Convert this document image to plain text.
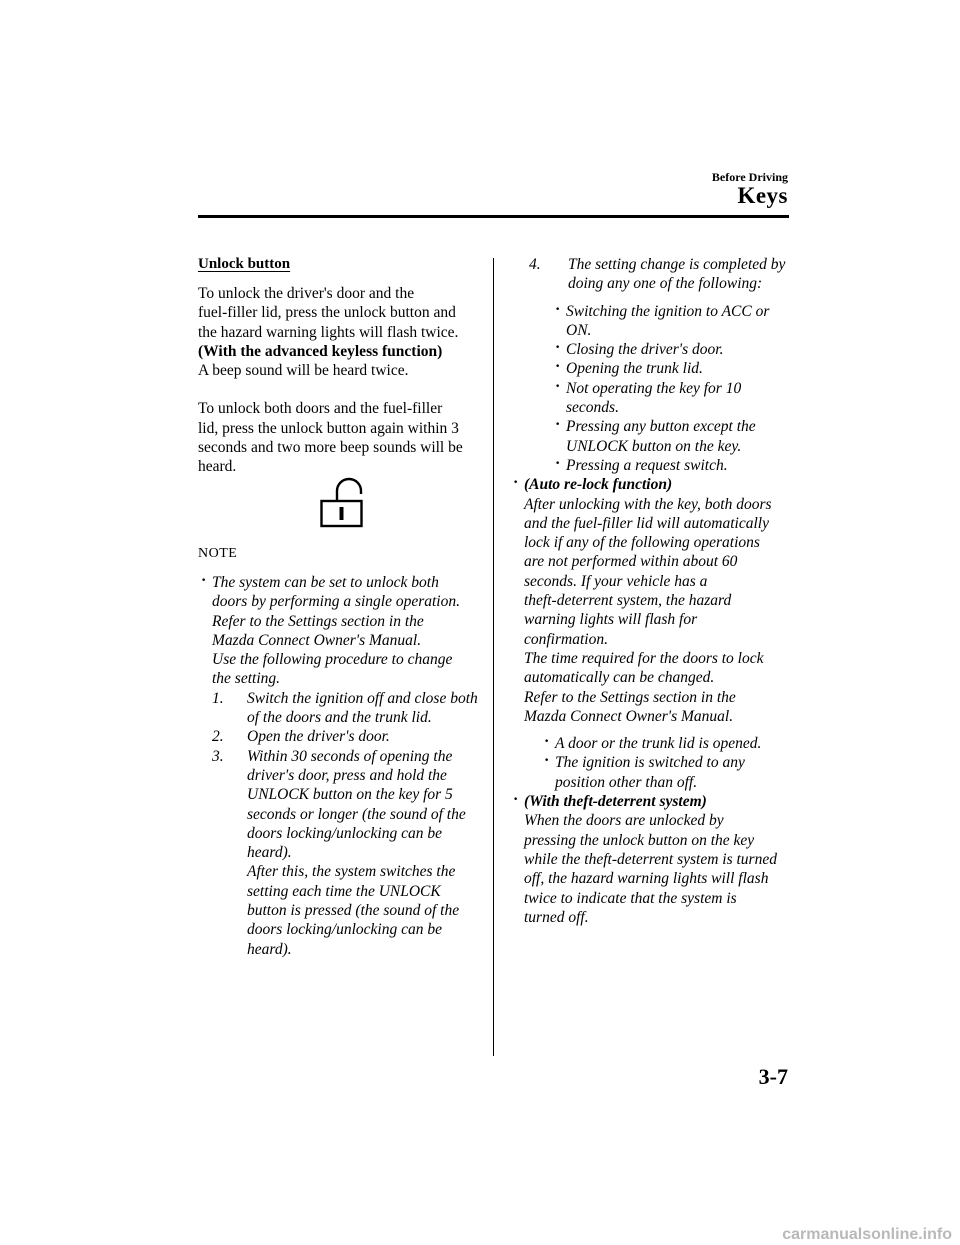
Before Driving
Keys

Unlock button

To unlock the driver's door and the

fuel-filler lid, press the unlock button and

the hazard warning lights will flash twice.

(With the advanced keyless function)

A beep sound will be heard twice.

To unlock both doors and the fuel-filler

lid, press the unlock button again within 3

seconds and two more beep sounds will be

heard.

NOTE

· The system can be set to unlock both

doors by performing a single operation.

Refer to the Settings section in the

Mazda Connect Owner's Manual.

Use the following procedure to change

the setting.

1. Switch the ignition off and close both

of the doors and the trunk lid.

2. Open the driver's door.

3. Within 30 seconds of opening the

driver's door, press and hold the

UNLOCK button on the key for 5

seconds or longer (the sound of the

doors locking/unlocking can be

heard).

After this, the system switches the

setting each time the UNLOCK

button is pressed (the sound of the

doors locking/unlocking can be

heard).

4. The setting change is completed by

doing any one of the following:

· Switching the ignition to ACC or

ON.

· Closing the driver's door.

· Opening the trunk lid.

· Not operating the key for 10

seconds.

· Pressing any button except the

UNLOCK button on the key.

· Pressing a request switch.

· (Auto re-lock function)

After unlocking with the key, both doors

and the fuel-filler lid will automatically

lock if any of the following operations

are not performed within about 60

seconds. If your vehicle has a

theft-deterrent system, the hazard

warning lights will flash for

confirmation.

The time required for the doors to lock

automatically can be changed.

Refer to the Settings section in the

Mazda Connect Owner's Manual.

· A door or the trunk lid is opened.

· The ignition is switched to any

position other than off.

· (With theft-deterrent system)

When the doors are unlocked by

pressing the unlock button on the key

while the theft-deterrent system is turned

off, the hazard warning lights will flash

twice to indicate that the system is

turned off.

3-7
carmanualsonline.info
